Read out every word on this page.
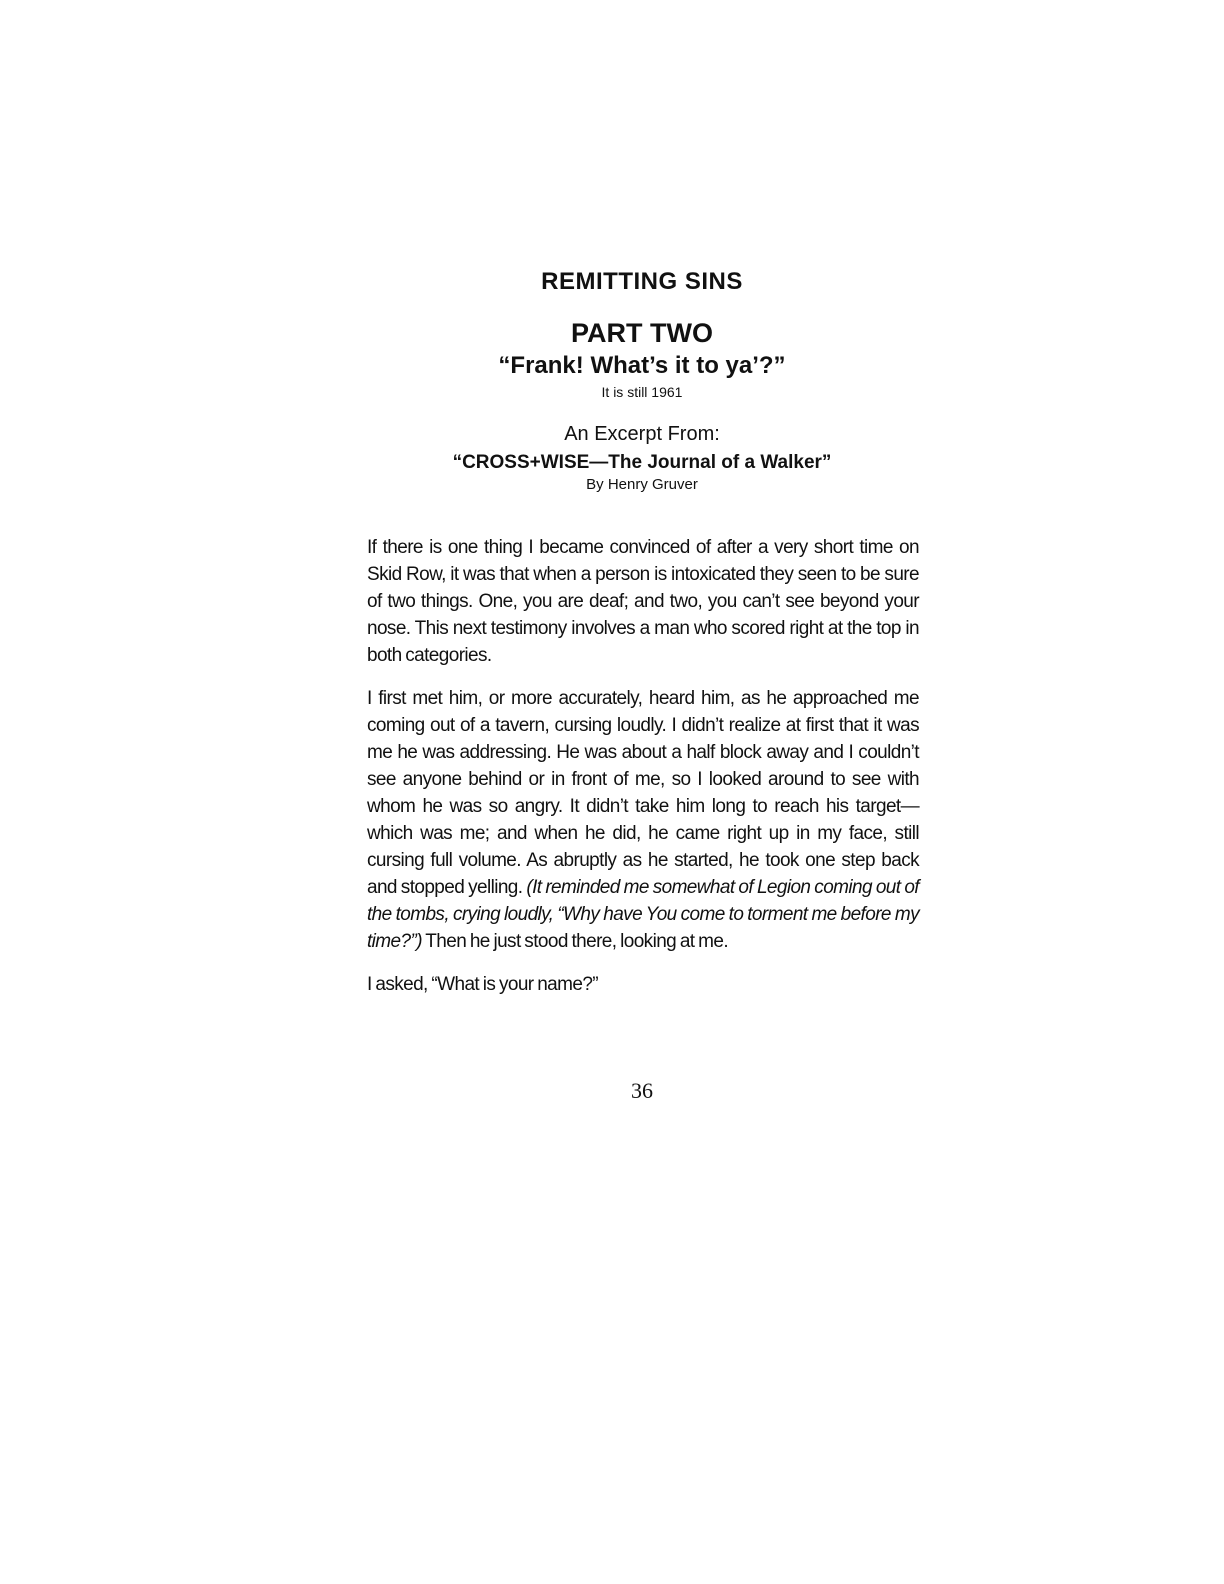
REMITTING SINS
PART TWO
“Frank! What’s it to ya’?”
It is still 1961
An Excerpt From:
“CROSS+WISE—The Journal of a Walker”
By Henry Gruver

If there is one thing I became convinced of after a very short time on Skid Row, it was that when a person is intoxicated they seen to be sure of two things. One, you are deaf; and two, you can’t see beyond your nose. This next testimony involves a man who scored right at the top in both categories.

I first met him, or more accurately, heard him, as he approached me coming out of a tavern, cursing loudly. I didn’t realize at first that it was me he was addressing. He was about a half block away and I couldn’t see anyone behind or in front of me, so I looked around to see with whom he was so angry. It didn’t take him long to reach his target—which was me; and when he did, he came right up in my face, still cursing full volume. As abruptly as he started, he took one step back and stopped yelling. (It reminded me somewhat of Legion coming out of the tombs, crying loudly, “Why have You come to torment me before my time?”) Then he just stood there, looking at me.

I asked, “What is your name?”

36
